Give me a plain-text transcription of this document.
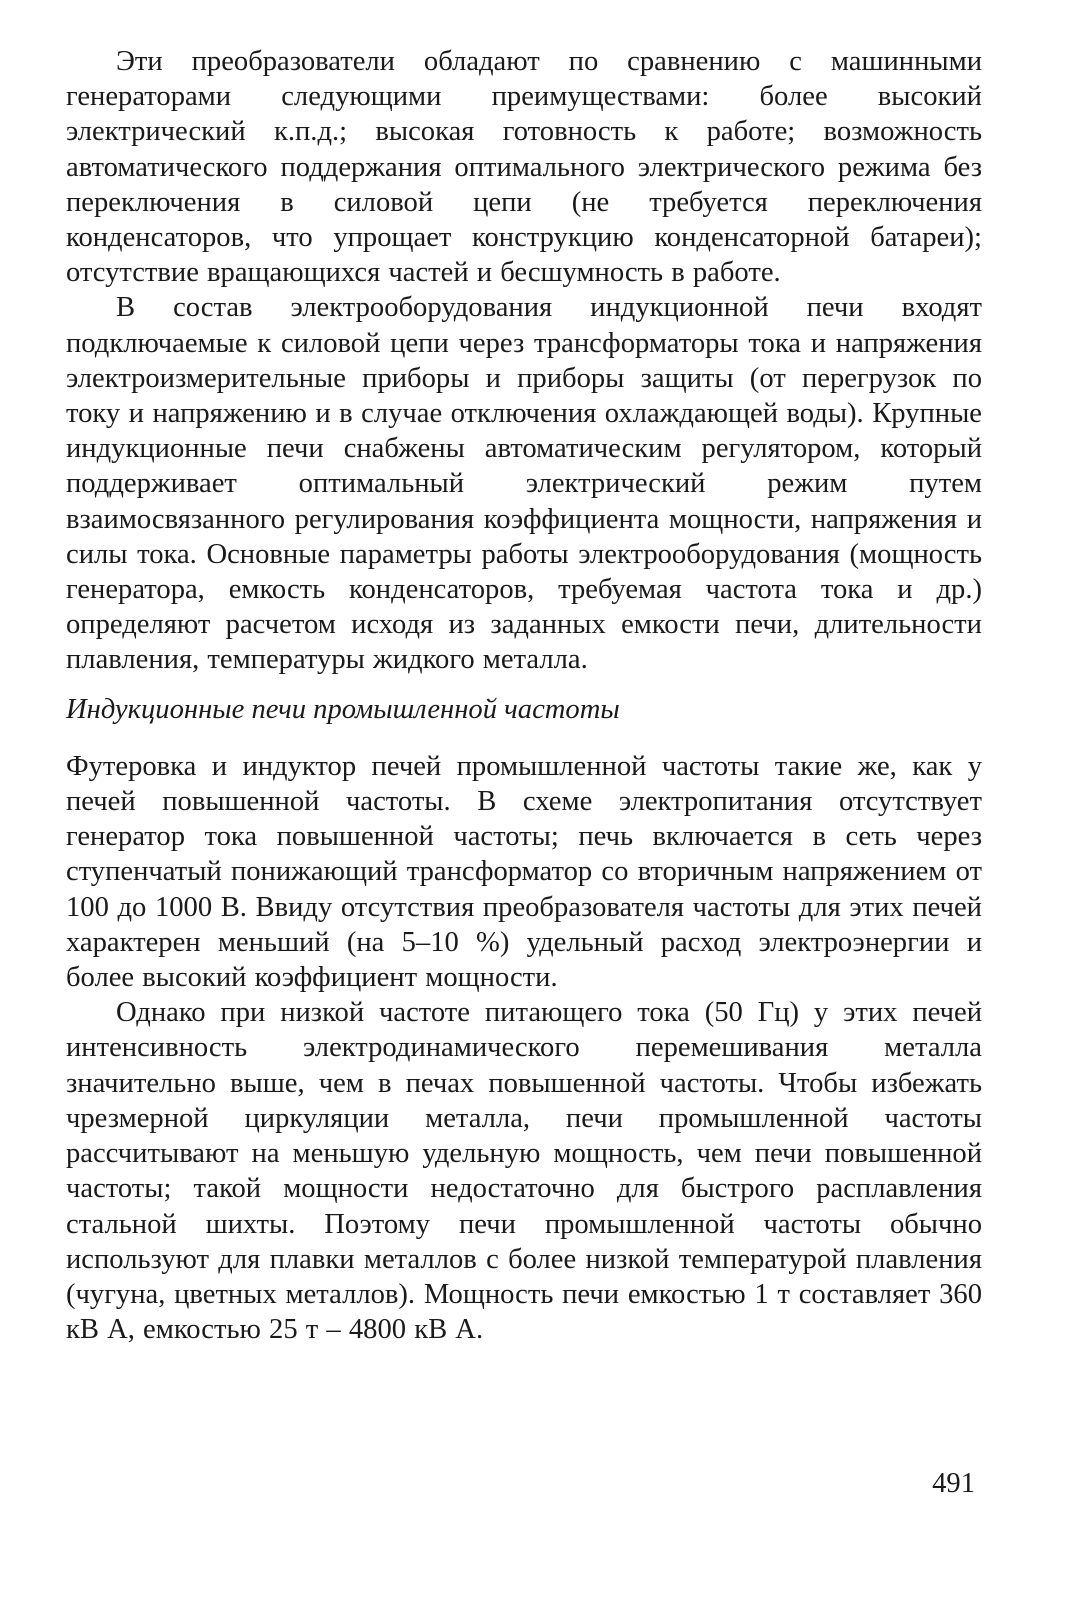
Эти преобразователи обладают по сравнению с машинными генераторами следующими преимуществами: более высокий электрический к.п.д.; высокая готовность к работе; возможность автоматического поддержания оптимального электрического режима без переключения в силовой цепи (не требуется переключения конденсаторов, что упрощает конструкцию конденсаторной батареи); отсутствие вращающихся частей и бесшумность в работе.

В состав электрооборудования индукционной печи входят подключаемые к силовой цепи через трансформаторы тока и напряжения электроизмерительные приборы и приборы защиты (от перегрузок по току и напряжению и в случае отключения охлаждающей воды). Крупные индукционные печи снабжены автоматическим регулятором, который поддерживает оптимальный электрический режим путем взаимосвязанного регулирования коэффициента мощности, напряжения и силы тока. Основные параметры работы электрооборудования (мощность генератора, емкость конденсаторов, требуемая частота тока и др.) определяют расчетом исходя из заданных емкости печи, длительности плавления, температуры жидкого металла.

Индукционные печи промышленной частоты

Футеровка и индуктор печей промышленной частоты такие же, как у печей повышенной частоты. В схеме электропитания отсутствует генератор тока повышенной частоты; печь включается в сеть через ступенчатый понижающий трансформатор со вторичным напряжением от 100 до 1000 В. Ввиду отсутствия преобразователя частоты для этих печей характерен меньший (на 5–10 %) удельный расход электроэнергии и более высокий коэффициент мощности.

Однако при низкой частоте питающего тока (50 Гц) у этих печей интенсивность электродинамического перемешивания металла значительно выше, чем в печах повышенной частоты. Чтобы избежать чрезмерной циркуляции металла, печи промышленной частоты рассчитывают на меньшую удельную мощность, чем печи повышенной частоты; такой мощности недостаточно для быстрого расплавления стальной шихты. Поэтому печи промышленной частоты обычно используют для плавки металлов с более низкой температурой плавления (чугуна, цветных металлов). Мощность печи емкостью 1 т составляет 360 кВ А, емкостью 25 т – 4800 кВ А.

491
